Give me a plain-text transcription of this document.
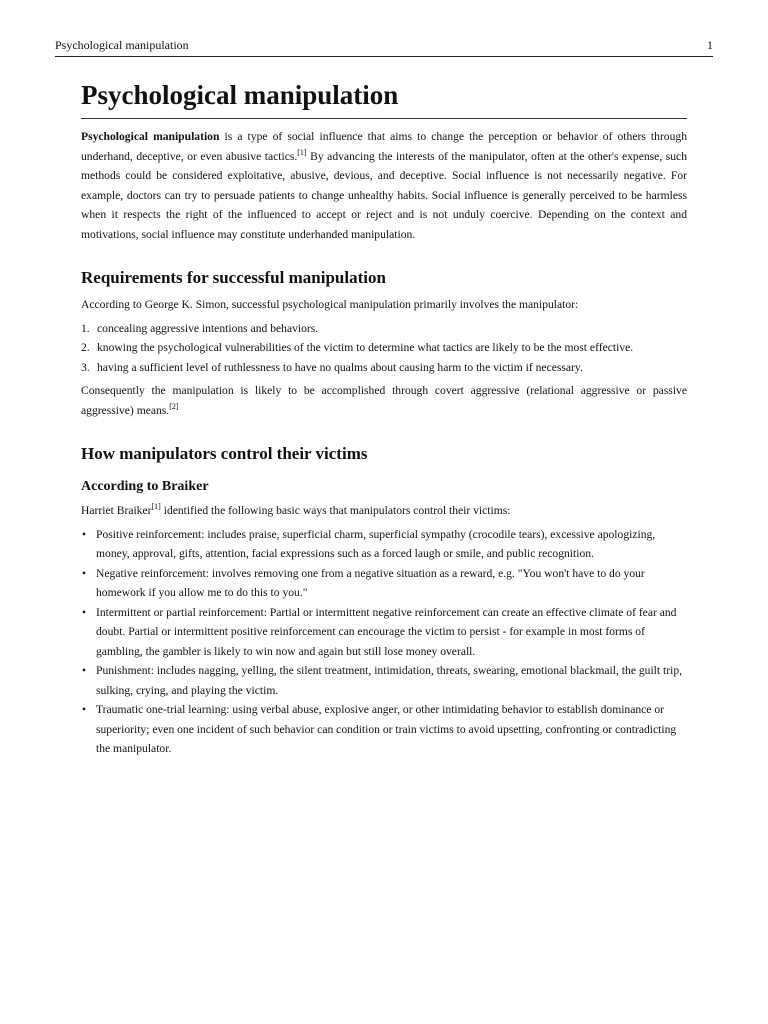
Psychological manipulation	1
Psychological manipulation

Psychological manipulation is a type of social influence that aims to change the perception or behavior of others through underhand, deceptive, or even abusive tactics.[1] By advancing the interests of the manipulator, often at the other's expense, such methods could be considered exploitative, abusive, devious, and deceptive. Social influence is not necessarily negative. For example, doctors can try to persuade patients to change unhealthy habits. Social influence is generally perceived to be harmless when it respects the right of the influenced to accept or reject and is not unduly coercive. Depending on the context and motivations, social influence may constitute underhanded manipulation.

Requirements for successful manipulation

According to George K. Simon, successful psychological manipulation primarily involves the manipulator:

1. concealing aggressive intentions and behaviors.
2. knowing the psychological vulnerabilities of the victim to determine what tactics are likely to be the most effective.
3. having a sufficient level of ruthlessness to have no qualms about causing harm to the victim if necessary.

Consequently the manipulation is likely to be accomplished through covert aggressive (relational aggressive or passive aggressive) means.[2]

How manipulators control their victims
According to Braiker

Harriet Braiker[1] identified the following basic ways that manipulators control their victims:

• Positive reinforcement: includes praise, superficial charm, superficial sympathy (crocodile tears), excessive apologizing, money, approval, gifts, attention, facial expressions such as a forced laugh or smile, and public recognition.
• Negative reinforcement: involves removing one from a negative situation as a reward, e.g. "You won't have to do your homework if you allow me to do this to you."
• Intermittent or partial reinforcement: Partial or intermittent negative reinforcement can create an effective climate of fear and doubt. Partial or intermittent positive reinforcement can encourage the victim to persist - for example in most forms of gambling, the gambler is likely to win now and again but still lose money overall.
• Punishment: includes nagging, yelling, the silent treatment, intimidation, threats, swearing, emotional blackmail, the guilt trip, sulking, crying, and playing the victim.
• Traumatic one-trial learning: using verbal abuse, explosive anger, or other intimidating behavior to establish dominance or superiority; even one incident of such behavior can condition or train victims to avoid upsetting, confronting or contradicting the manipulator.
